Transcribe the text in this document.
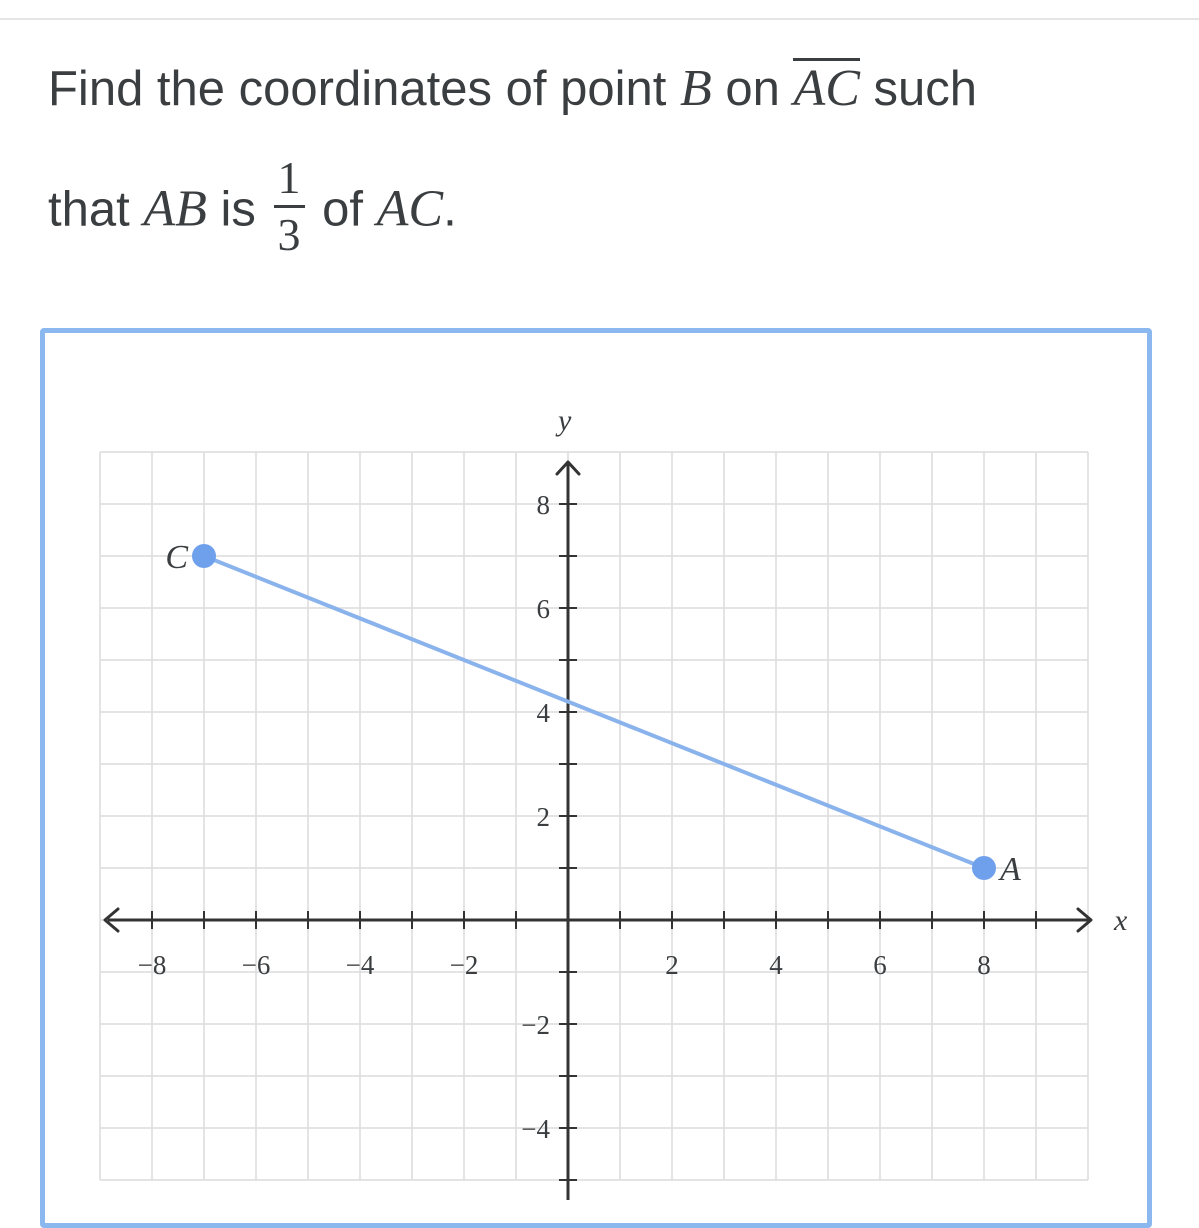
Find the coordinates of point B on AC such
that AB is $\frac{1}{3}$ of AC.
x
y
−8	−6	−4	−2	2	4	6	8
8
6
4
2
−2
−4
C
A
